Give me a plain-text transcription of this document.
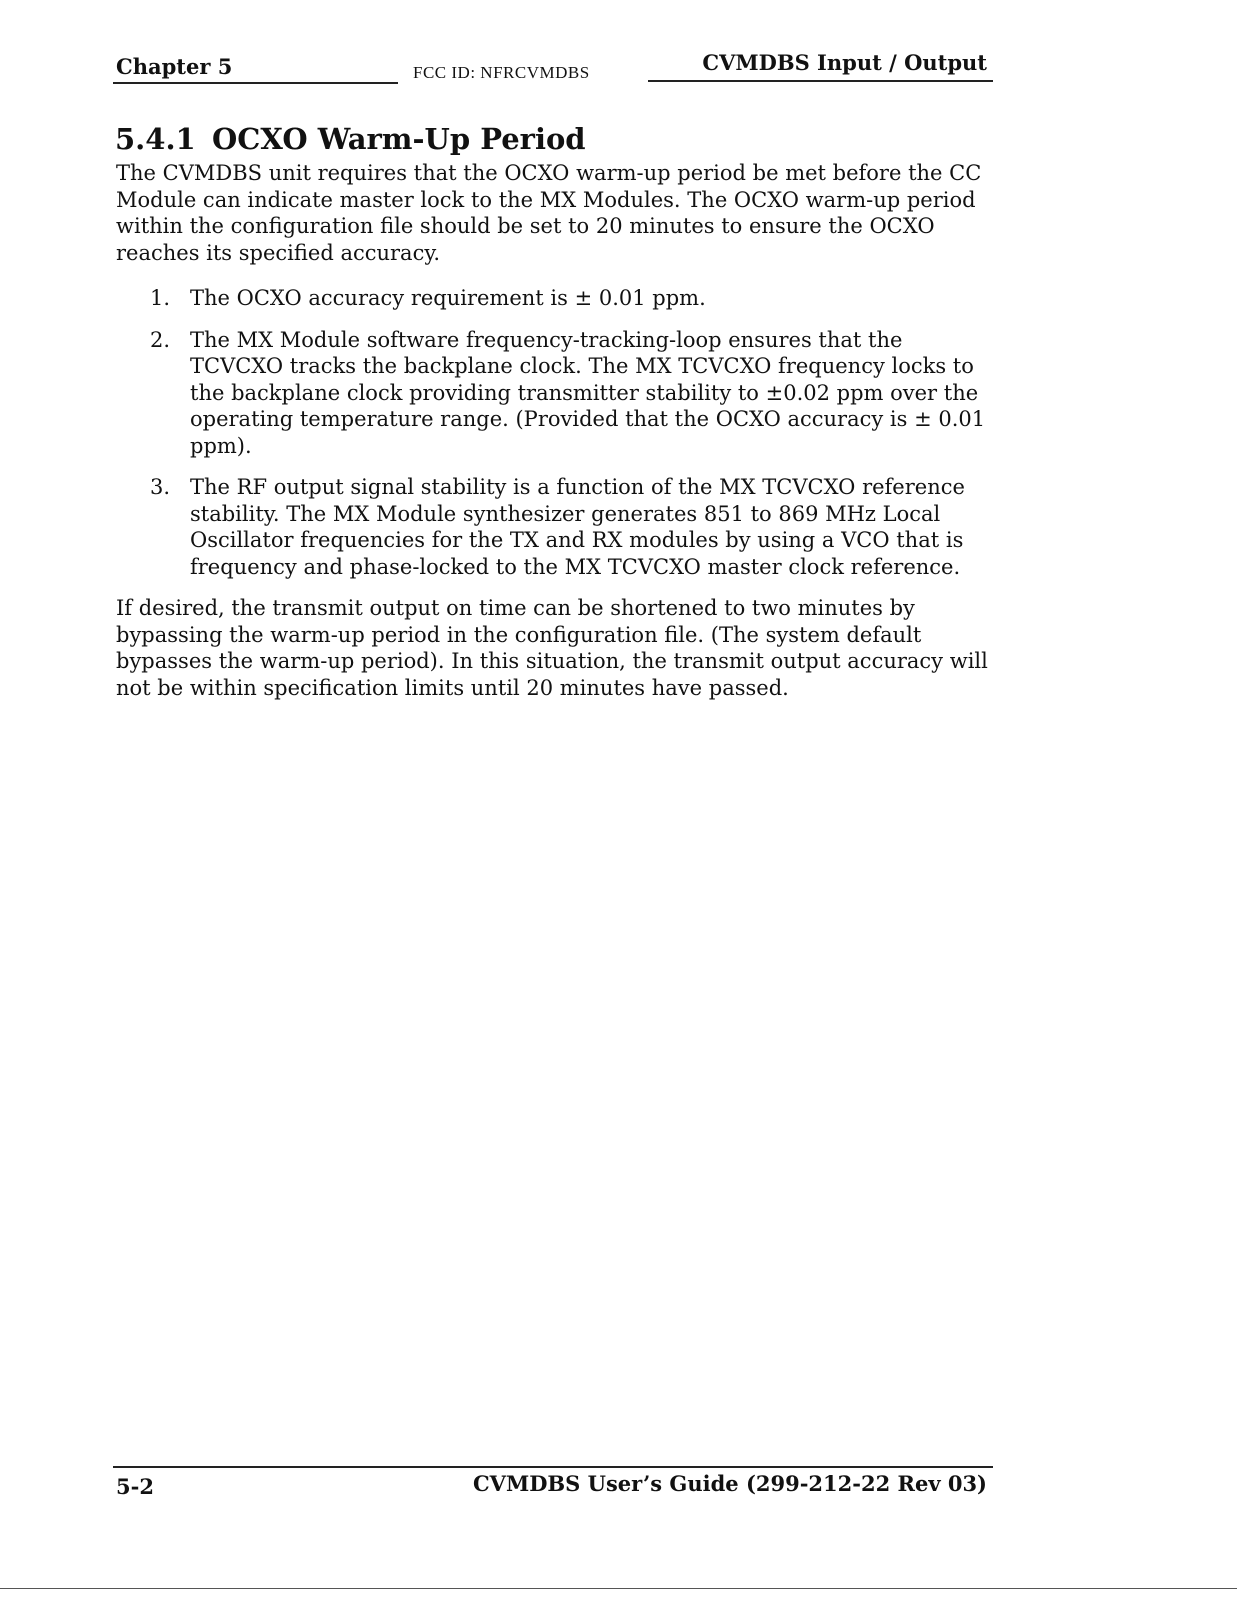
Chapter 5	FCC ID: NFRCVMDBS	CVMDBS Input / Output
5.4.1 OCXO Warm-Up Period

The CVMDBS unit requires that the OCXO warm-up period be met before the CC Module can indicate master lock to the MX Modules. The OCXO warm-up period within the configuration file should be set to 20 minutes to ensure the OCXO reaches its specified accuracy.

1. The OCXO accuracy requirement is ± 0.01 ppm.
2. The MX Module software frequency-tracking-loop ensures that the TCVCXO tracks the backplane clock. The MX TCVCXO frequency locks to the backplane clock providing transmitter stability to ±0.02 ppm over the operating temperature range. (Provided that the OCXO accuracy is ± 0.01 ppm).
3. The RF output signal stability is a function of the MX TCVCXO reference stability. The MX Module synthesizer generates 851 to 869 MHz Local Oscillator frequencies for the TX and RX modules by using a VCO that is frequency and phase-locked to the MX TCVCXO master clock reference.

If desired, the transmit output on time can be shortened to two minutes by bypassing the warm-up period in the configuration file. (The system default bypasses the warm-up period). In this situation, the transmit output accuracy will not be within specification limits until 20 minutes have passed.

5-2	CVMDBS User’s Guide (299-212-22 Rev 03)
